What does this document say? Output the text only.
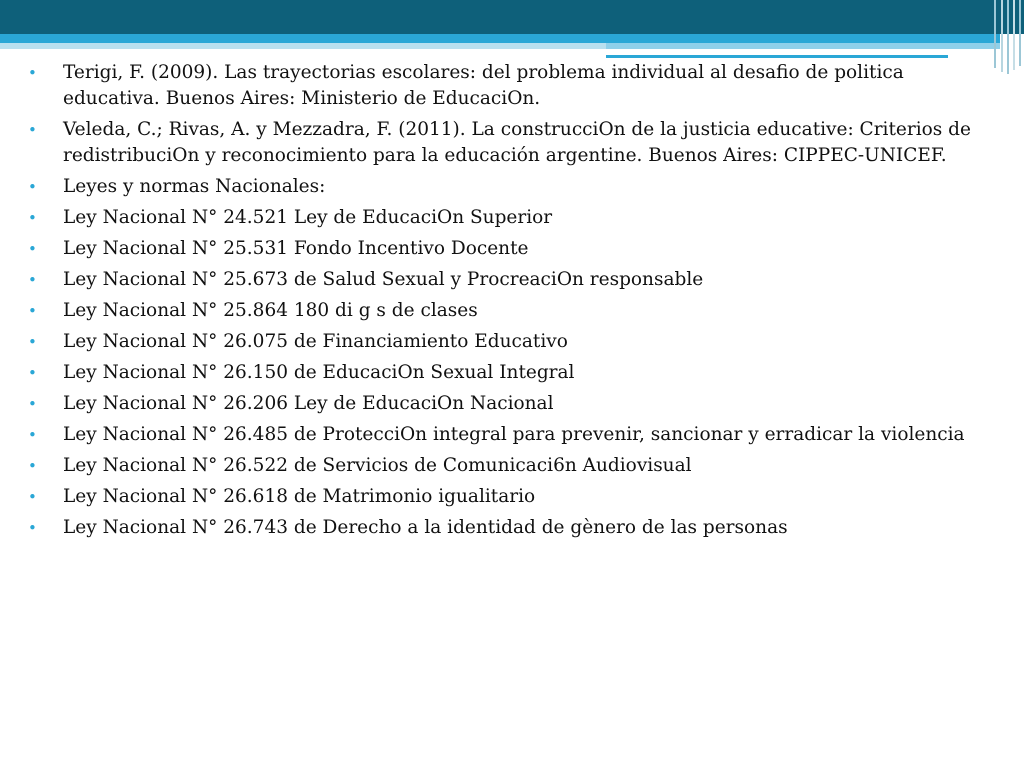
• Terigi, F. (2009). Las trayectorias escolares: del problema individual al desafio de politica educativa. Buenos Aires: Ministerio de EducaciOn.
• Veleda, C.; Rivas, A. y Mezzadra, F. (2011). La construcciOn de la justicia educative: Criterios de redistribuciOn y reconocimiento para la educación argentine. Buenos Aires: CIPPEC-UNICEF.
• Leyes y normas Nacionales:
• Ley Nacional N° 24.521 Ley de EducaciOn Superior
• Ley Nacional N° 25.531 Fondo Incentivo Docente
• Ley Nacional N° 25.673 de Salud Sexual y ProcreaciOn responsable
• Ley Nacional N° 25.864 180 di g s de clases
• Ley Nacional N° 26.075 de Financiamiento Educativo
• Ley Nacional N° 26.150 de EducaciOn Sexual Integral
• Ley Nacional N° 26.206 Ley de EducaciOn Nacional
• Ley Nacional N° 26.485 de ProtecciOn integral para prevenir, sancionar y erradicar la violencia
• Ley Nacional N° 26.522 de Servicios de Comunicaci6n Audiovisual
• Ley Nacional N° 26.618 de Matrimonio igualitario
• Ley Nacional N° 26.743 de Derecho a la identidad de gènero de las personas
